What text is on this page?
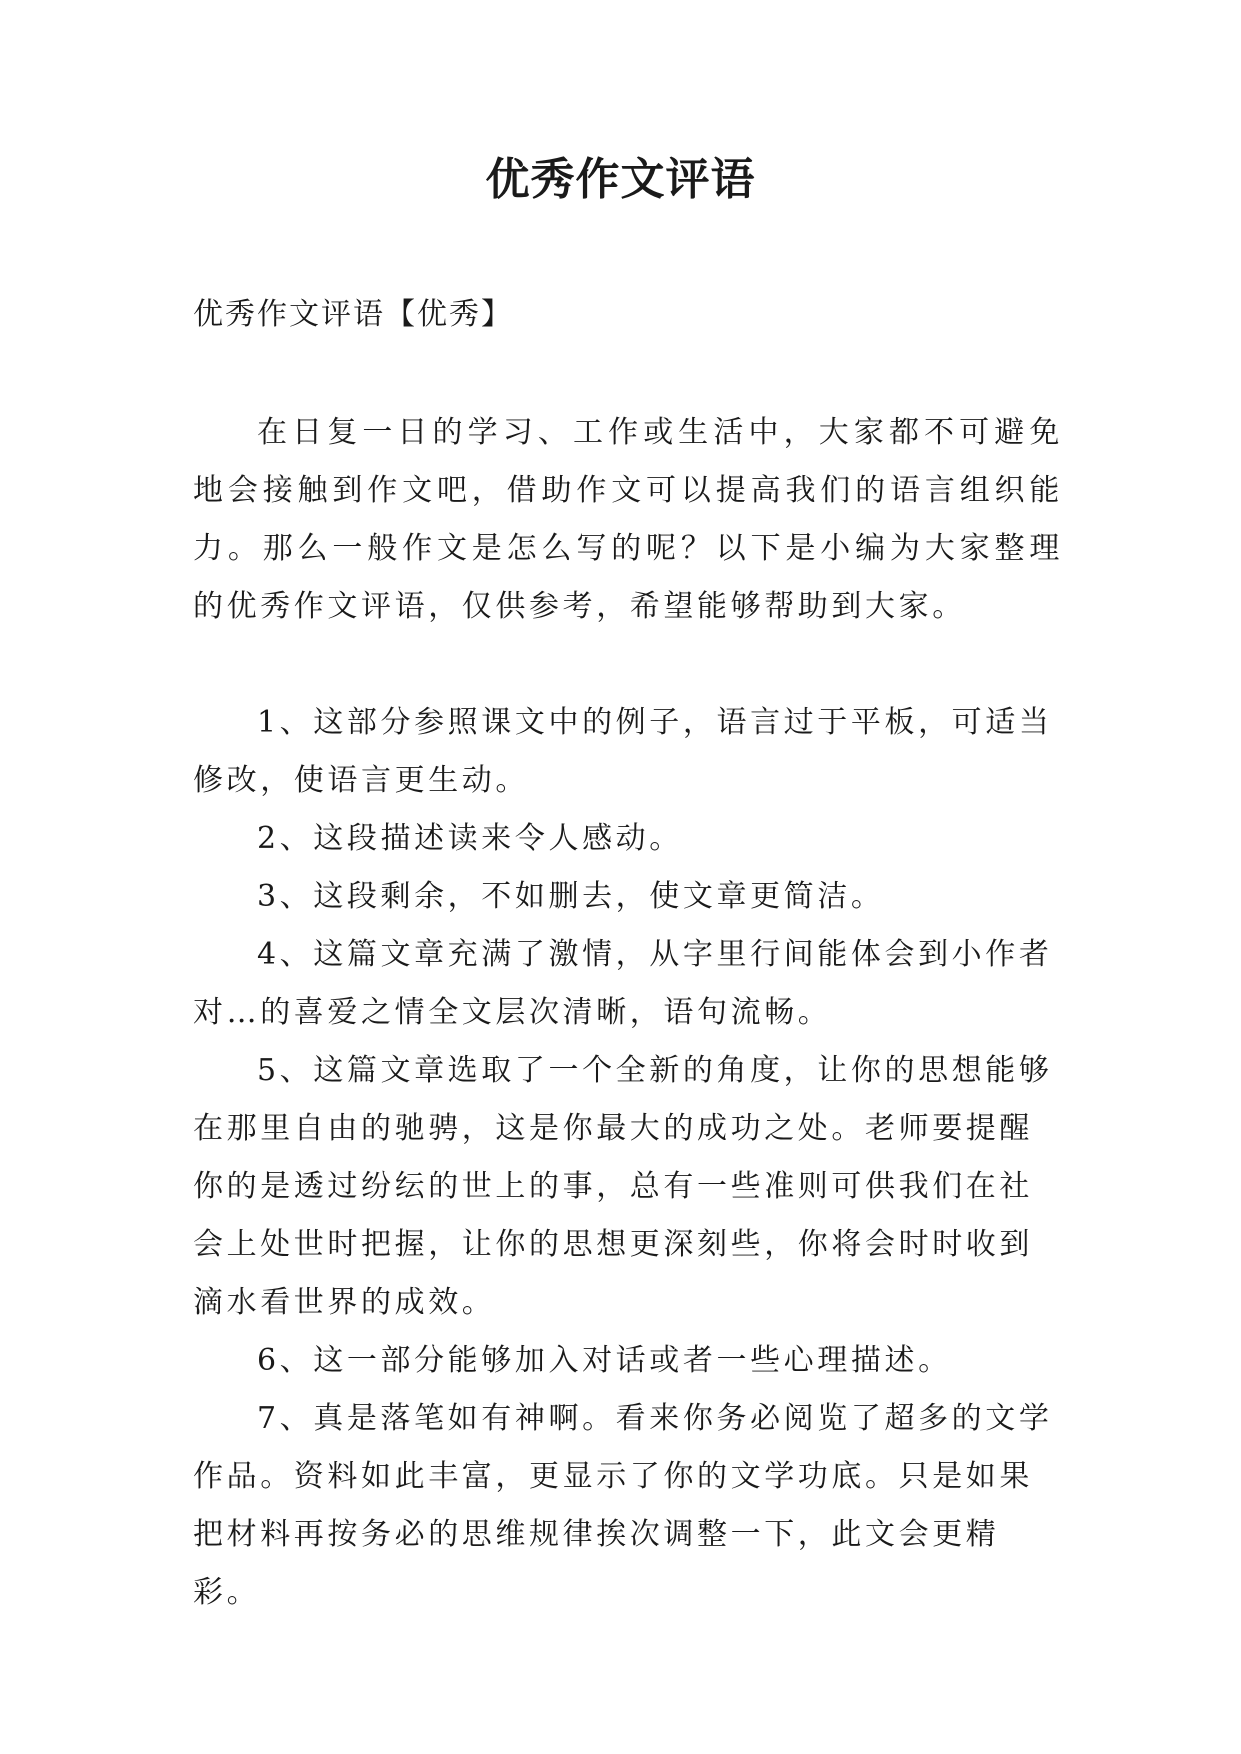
优秀作文评语

优秀作文评语【优秀】

在日复一日的学习、工作或生活中，大家都不可避免地会接触到作文吧，借助作文可以提高我们的语言组织能力。那么一般作文是怎么写的呢？以下是小编为大家整理的优秀作文评语，仅供参考，希望能够帮助到大家。

1、这部分参照课文中的例子，语言过于平板，可适当修改，使语言更生动。

2、这段描述读来令人感动。

3、这段剩余，不如删去，使文章更简洁。

4、这篇文章充满了激情，从字里行间能体会到小作者对…的喜爱之情全文层次清晰，语句流畅。

5、这篇文章选取了一个全新的角度，让你的思想能够在那里自由的驰骋，这是你最大的成功之处。老师要提醒你的是透过纷纭的世上的事，总有一些准则可供我们在社会上处世时把握，让你的思想更深刻些，你将会时时收到滴水看世界的成效。

6、这一部分能够加入对话或者一些心理描述。

7、真是落笔如有神啊。看来你务必阅览了超多的文学作品。资料如此丰富，更显示了你的文学功底。只是如果把材料再按务必的思维规律挨次调整一下，此文会更精彩。
